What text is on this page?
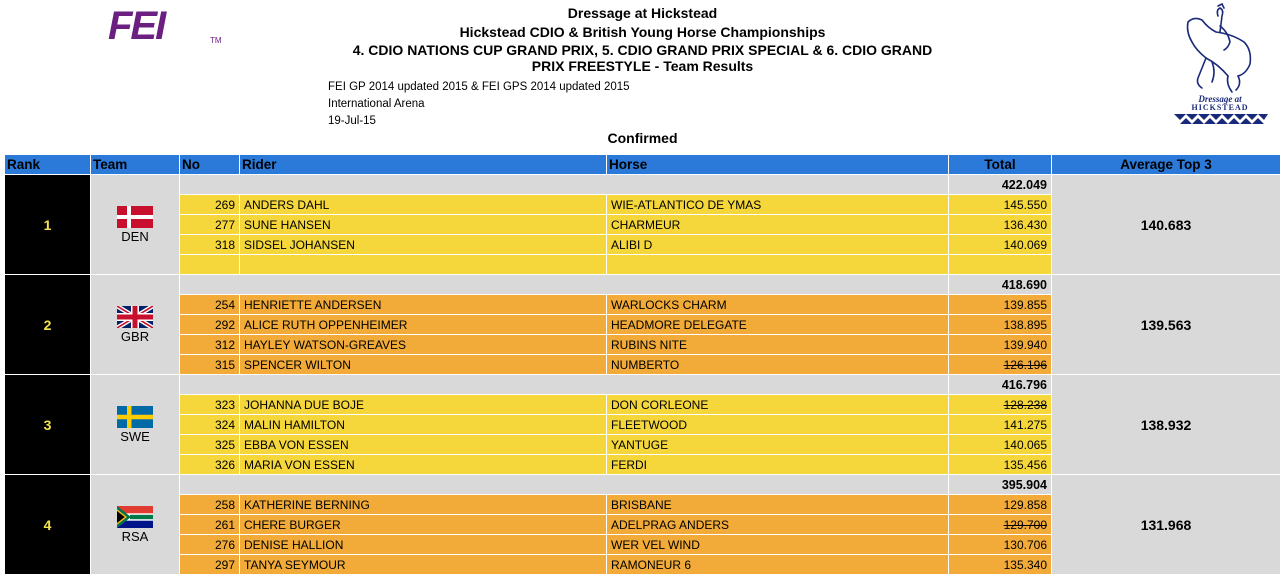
FEI	TM
Dressage at
HICKSTEAD
Dressage at Hickstead
Hickstead CDIO & British Young Horse Championships
4. CDIO NATIONS CUP GRAND PRIX, 5. CDIO GRAND PRIX SPECIAL & 6. CDIO GRAND
PRIX FREESTYLE - Team Results
FEI GP 2014 updated 2015 & FEI GPS 2014 updated 2015
International Arena
19-Jul-15
Confirmed
Rank	Team	No	Rider	Horse	Total	Average Top 3
1	DEN				422.049	140.683
		269	ANDERS DAHL	WIE-ATLANTICO DE YMAS	145.550	
		277	SUNE HANSEN	CHARMEUR	136.430	
		318	SIDSEL JOHANSEN	ALIBI D	140.069	

2	GBR				418.690	139.563
		254	HENRIETTE ANDERSEN	WARLOCKS CHARM	139.855	
		292	ALICE RUTH OPPENHEIMER	HEADMORE DELEGATE	138.895	
		312	HAYLEY WATSON-GREAVES	RUBINS NITE	139.940	
		315	SPENCER WILTON	NUMBERTO	126.196	
3	SWE				416.796	138.932
		323	JOHANNA DUE BOJE	DON CORLEONE	128.238	
		324	MALIN HAMILTON	FLEETWOOD	141.275	
		325	EBBA VON ESSEN	YANTUGE	140.065	
		326	MARIA VON ESSEN	FERDI	135.456	
4	RSA				395.904	131.968
		258	KATHERINE BERNING	BRISBANE	129.858	
		261	CHERE BURGER	ADELPRAG ANDERS	129.700	
		276	DENISE HALLION	WER VEL WIND	130.706	
		297	TANYA SEYMOUR	RAMONEUR 6	135.340	
